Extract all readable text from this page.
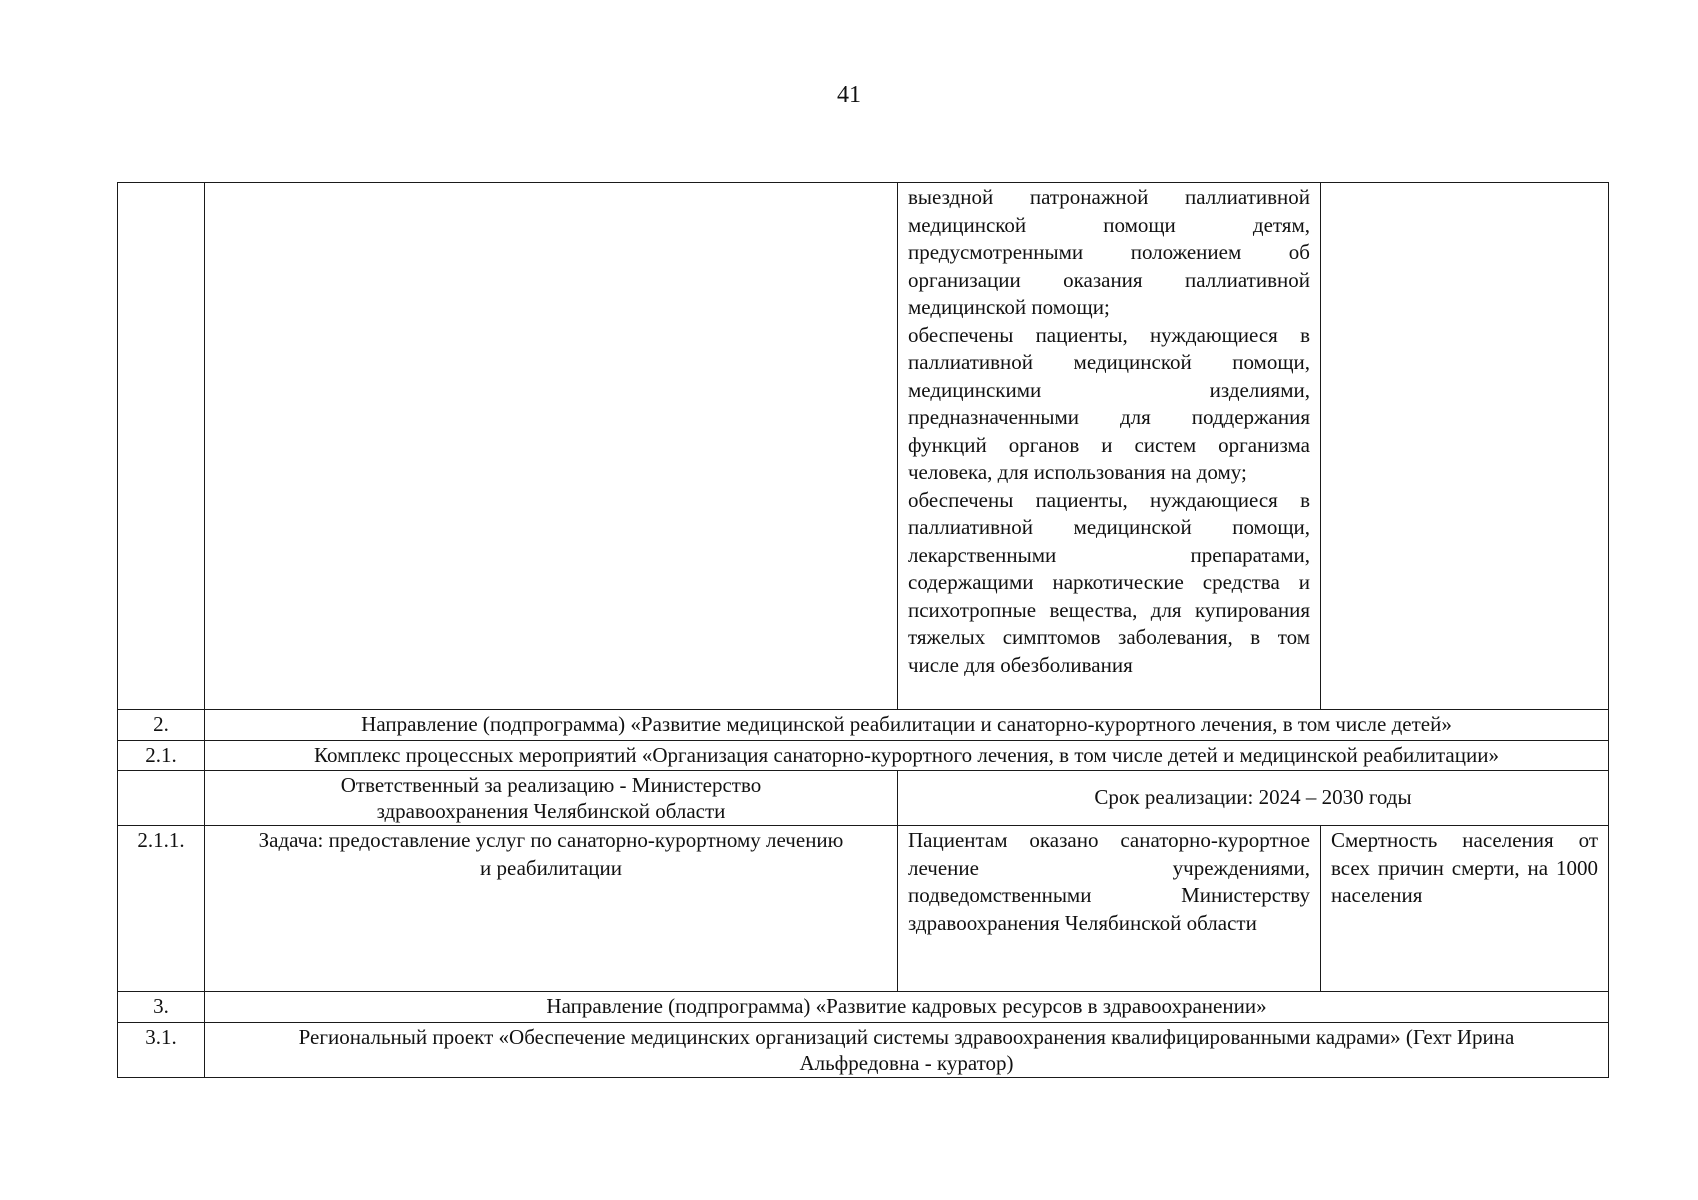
41

		выездной патронажной паллиативной медицинской помощи детям, предусмотренными положением об организации оказания паллиативной медицинской помощи;

обеспечены пациенты, нуждающиеся в паллиативной медицинской помощи, медицинскими изделиями, предназначенными для поддержания функций органов и систем организма человека, для использования на дому;

обеспечены пациенты, нуждающиеся в паллиативной медицинской помощи, лекарственными препаратами, содержащими наркотические средства и психотропные вещества, для купирования тяжелых симптомов заболевания, в том числе для обезболивания	

2.	Направление (подпрограмма) «Развитие медицинской реабилитации и санаторно-курортного лечения, в том числе детей»		
2.1.	Комплекс процессных мероприятий «Организация санаторно-курортного лечения, в том числе детей и медицинской реабилитации»		
	Ответственный за реализацию - Министерство здравоохранения Челябинской области	Срок реализации: 2024 – 2030 годы	
2.1.1.	Задача: предоставление услуг по санаторно-курортному лечению и реабилитации	Пациентам оказано санаторно-курортное лечение учреждениями, подведомственными Министерству здравоохранения Челябинской области	Смертность населения от всех причин смерти, на 1000 населения
3.	Направление (подпрограмма) «Развитие кадровых ресурсов в здравоохранении»		
3.1.	Региональный проект «Обеспечение медицинских организаций системы здравоохранения квалифицированными кадрами» (Гехт Ирина Альфредовна - куратор)		
